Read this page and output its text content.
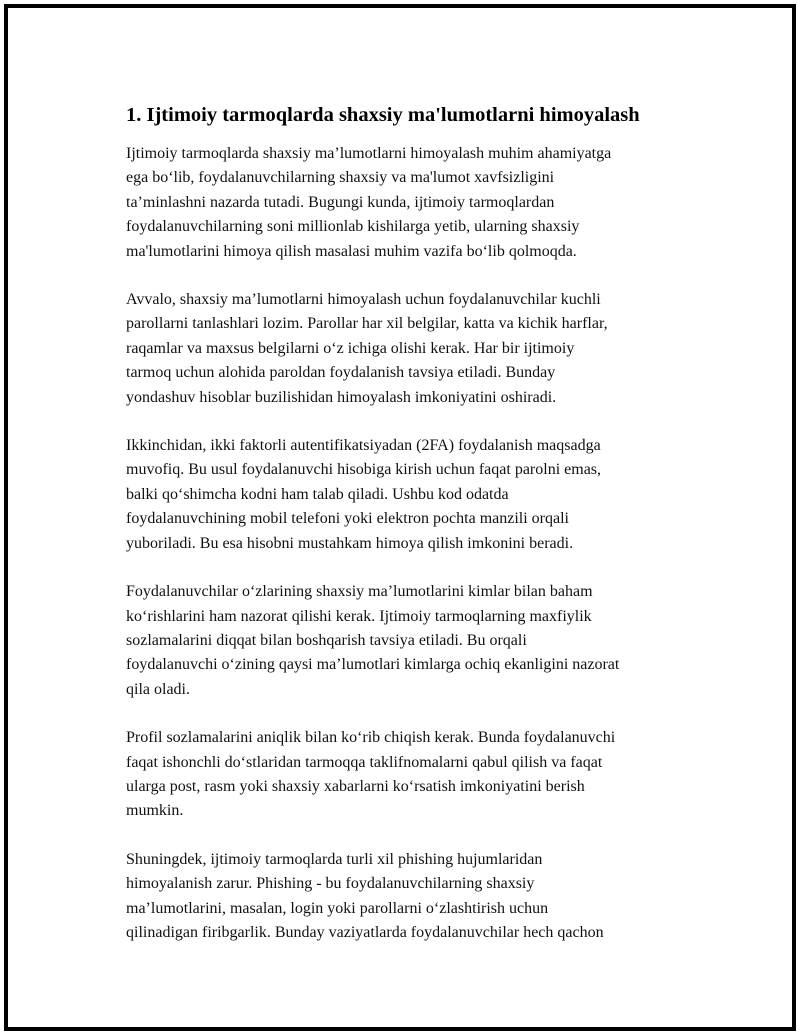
1. Ijtimoiy tarmoqlarda shaxsiy ma'lumotlarni himoyalash

Ijtimoiy tarmoqlarda shaxsiy ma’lumotlarni himoyalash muhim ahamiyatga
ega bo‘lib, foydalanuvchilarning shaxsiy va ma'lumot xavfsizligini
ta’minlashni nazarda tutadi. Bugungi kunda, ijtimoiy tarmoqlardan
foydalanuvchilarning soni millionlab kishilarga yetib, ularning shaxsiy
ma'lumotlarini himoya qilish masalasi muhim vazifa bo‘lib qolmoqda.

Avvalo, shaxsiy ma’lumotlarni himoyalash uchun foydalanuvchilar kuchli
parollarni tanlashlari lozim. Parollar har xil belgilar, katta va kichik harflar,
raqamlar va maxsus belgilarni o‘z ichiga olishi kerak. Har bir ijtimoiy
tarmoq uchun alohida paroldan foydalanish tavsiya etiladi. Bunday
yondashuv hisoblar buzilishidan himoyalash imkoniyatini oshiradi.

Ikkinchidan, ikki faktorli autentifikatsiyadan (2FA) foydalanish maqsadga
muvofiq. Bu usul foydalanuvchi hisobiga kirish uchun faqat parolni emas,
balki qo‘shimcha kodni ham talab qiladi. Ushbu kod odatda
foydalanuvchining mobil telefoni yoki elektron pochta manzili orqali
yuboriladi. Bu esa hisobni mustahkam himoya qilish imkonini beradi.

Foydalanuvchilar o‘zlarining shaxsiy ma’lumotlarini kimlar bilan baham
ko‘rishlarini ham nazorat qilishi kerak. Ijtimoiy tarmoqlarning maxfiylik
sozlamalarini diqqat bilan boshqarish tavsiya etiladi. Bu orqali
foydalanuvchi o‘zining qaysi ma’lumotlari kimlarga ochiq ekanligini nazorat
qila oladi.

Profil sozlamalarini aniqlik bilan ko‘rib chiqish kerak. Bunda foydalanuvchi
faqat ishonchli do‘stlaridan tarmoqqa taklifnomalarni qabul qilish va faqat
ularga post, rasm yoki shaxsiy xabarlarni ko‘rsatish imkoniyatini berish
mumkin.

Shuningdek, ijtimoiy tarmoqlarda turli xil phishing hujumlaridan
himoyalanish zarur. Phishing - bu foydalanuvchilarning shaxsiy
ma’lumotlarini, masalan, login yoki parollarni o‘zlashtirish uchun
qilinadigan firibgarlik. Bunday vaziyatlarda foydalanuvchilar hech qachon
